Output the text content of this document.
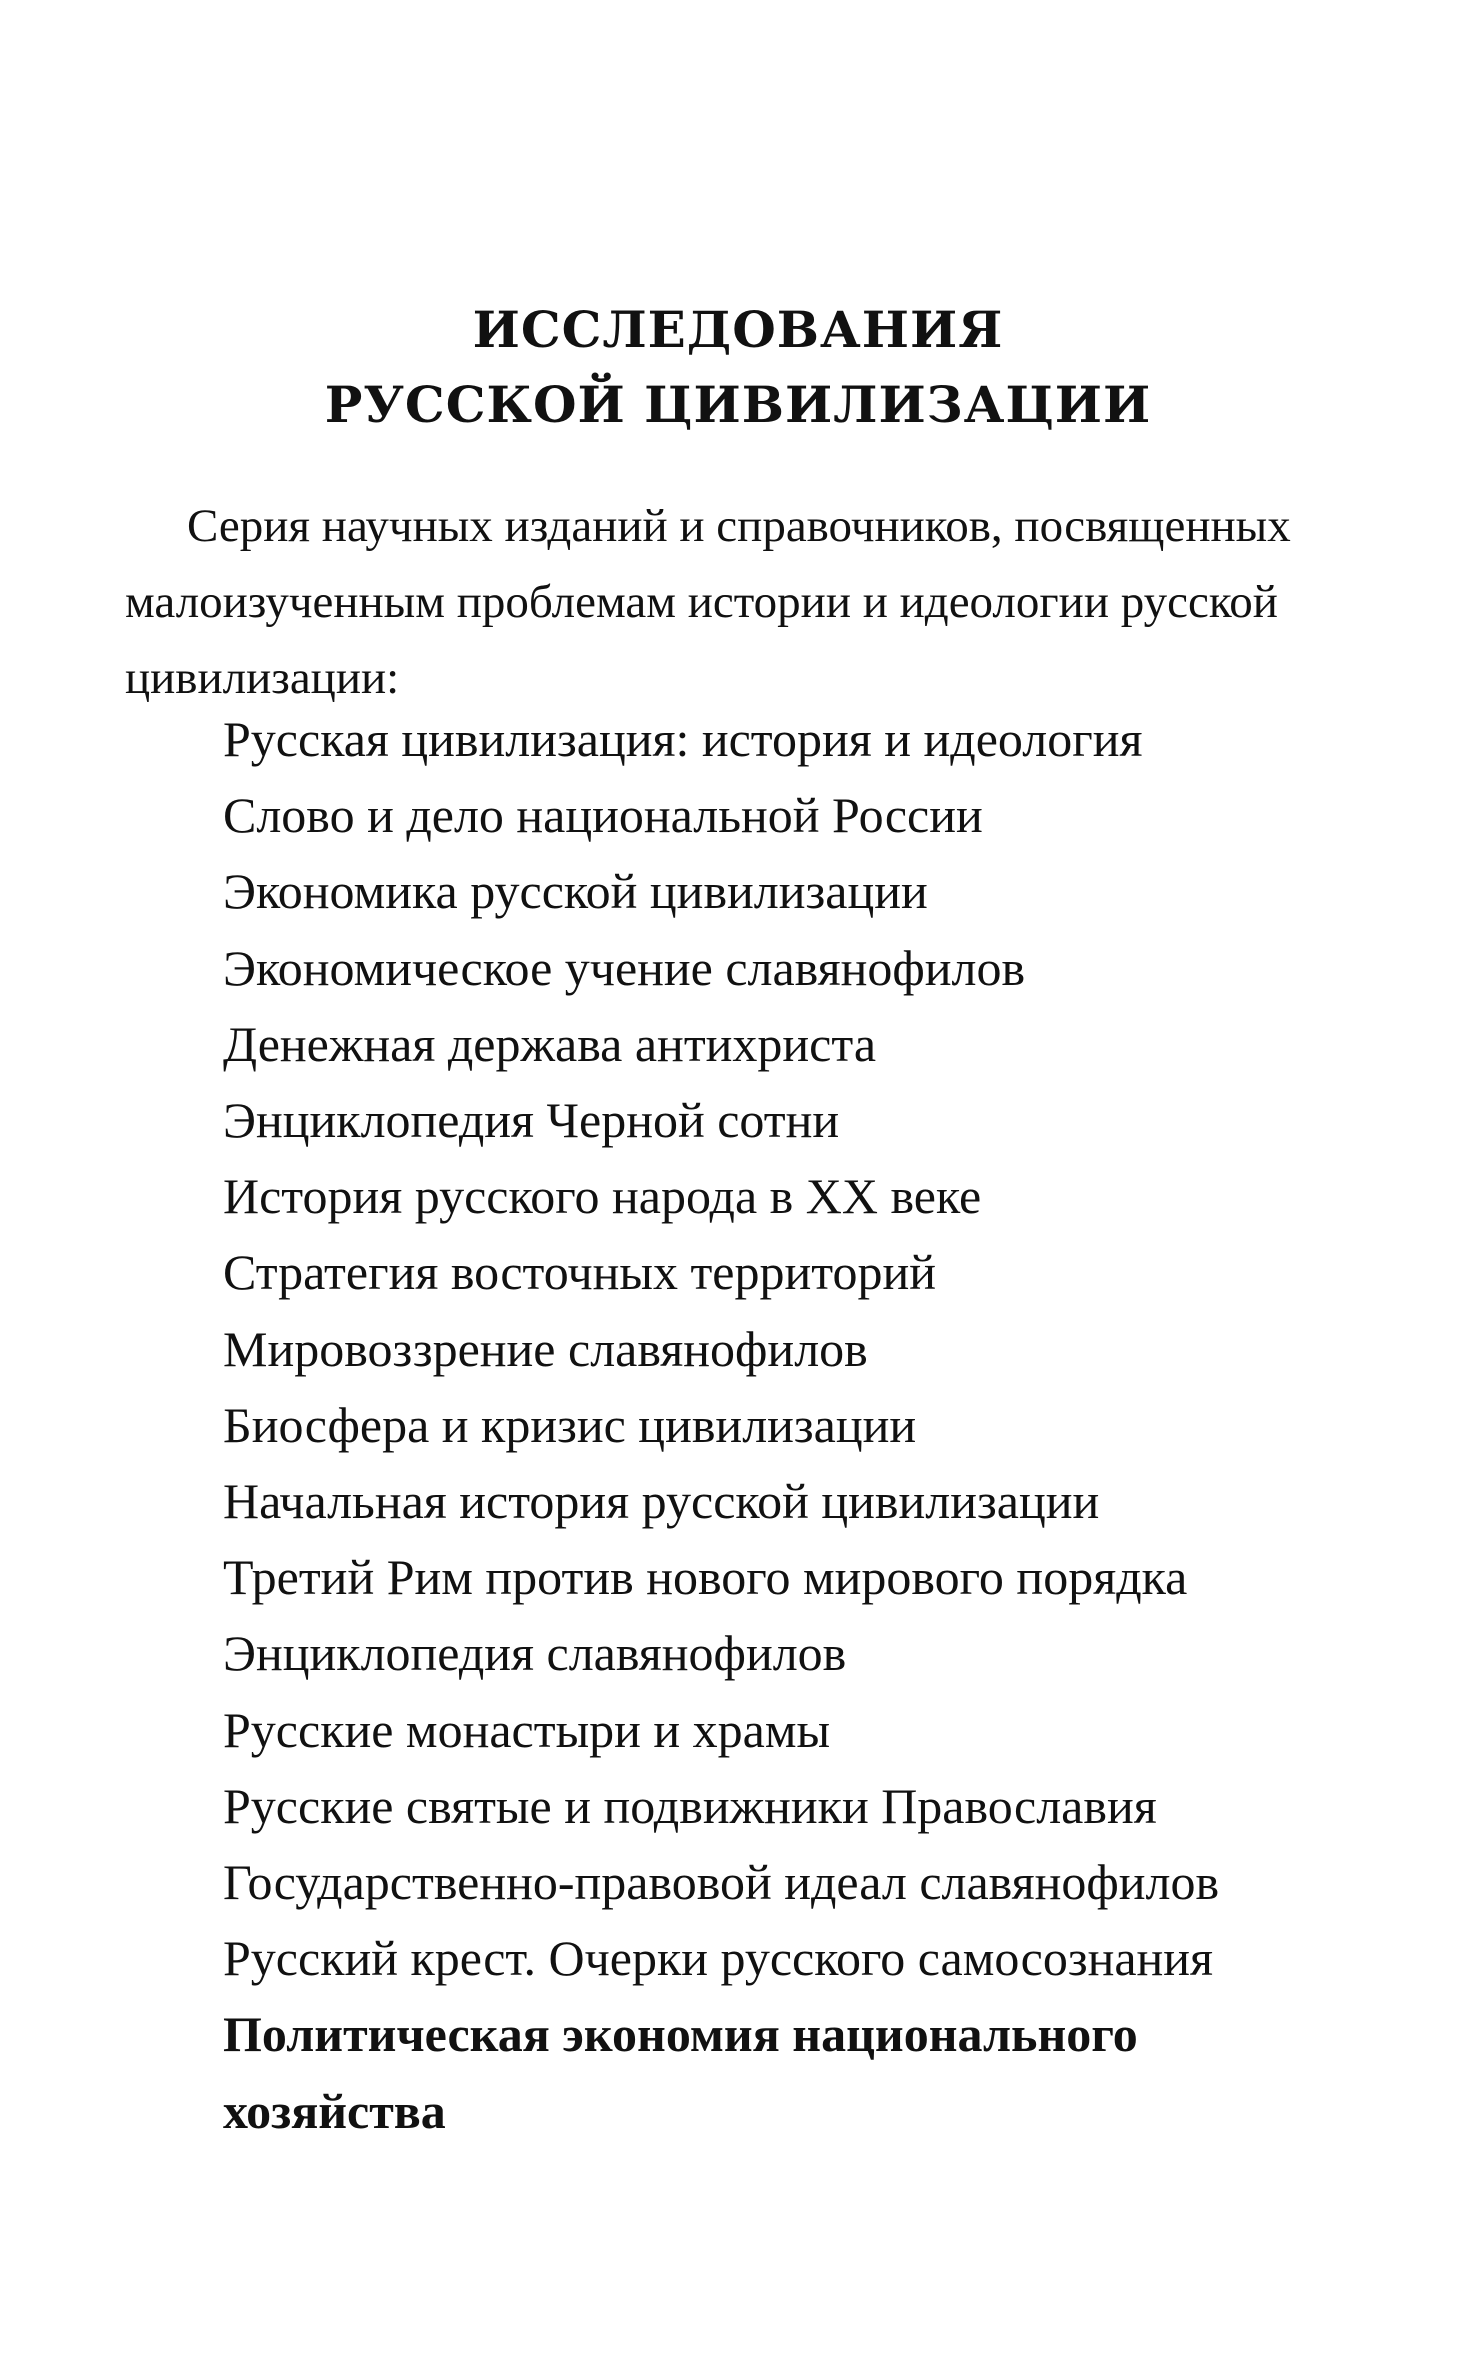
ИССЛЕДОВАНИЯ
РУССКОЙ ЦИВИЛИЗАЦИИ
Серия научных изданий и справочников, посвященных
малоизученным проблемам истории и идеологии русской
цивилизации:
Русская цивилизация: история и идеология
Слово и дело национальной России
Экономика русской цивилизации
Экономическое учение славянофилов
Денежная держава антихриста
Энциклопедия Черной сотни
История русского народа в XX веке
Стратегия восточных территорий
Мировоззрение славянофилов
Биосфера и кризис цивилизации
Начальная история русской цивилизации
Третий Рим против нового мирового порядка
Энциклопедия славянофилов
Русские монастыри и храмы
Русские святые и подвижники Православия
Государственно-правовой идеал славянофилов
Русский крест. Очерки русского самосознания
Политическая экономия национального
хозяйства
